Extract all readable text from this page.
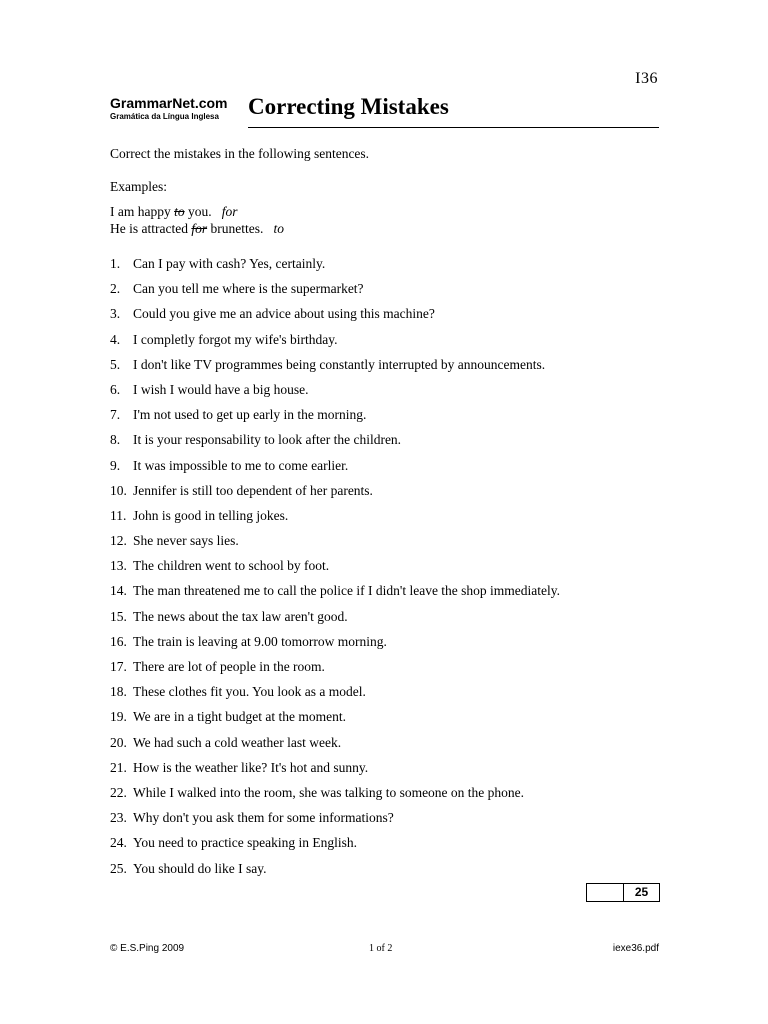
I36
GrammarNet.com
Gramática da Língua Inglesa	Correcting Mistakes
Correct the mistakes in the following sentences.
Examples:
I am happy to you. for
He is attracted for brunettes. to
1. Can I pay with cash? Yes, certainly.
2. Can you tell me where is the supermarket?
3. Could you give me an advice about using this machine?
4. I completly forgot my wife's birthday.
5. I don't like TV programmes being constantly interrupted by announcements.
6. I wish I would have a big house.
7. I'm not used to get up early in the morning.
8. It is your responsability to look after the children.
9. It was impossible to me to come earlier.
10. Jennifer is still too dependent of her parents.
11. John is good in telling jokes.
12. She never says lies.
13. The children went to school by foot.
14. The man threatened me to call the police if I didn't leave the shop immediately.
15. The news about the tax law aren't good.
16. The train is leaving at 9.00 tomorrow morning.
17. There are lot of people in the room.
18. These clothes fit you. You look as a model.
19. We are in a tight budget at the moment.
20. We had such a cold weather last week.
21. How is the weather like? It's hot and sunny.
22. While I walked into the room, she was talking to someone on the phone.
23. Why don't you ask them for some informations?
24. You need to practice speaking in English.
25. You should do like I say.
25
© E.S.Ping 2009	1 of 2	iexe36.pdf
